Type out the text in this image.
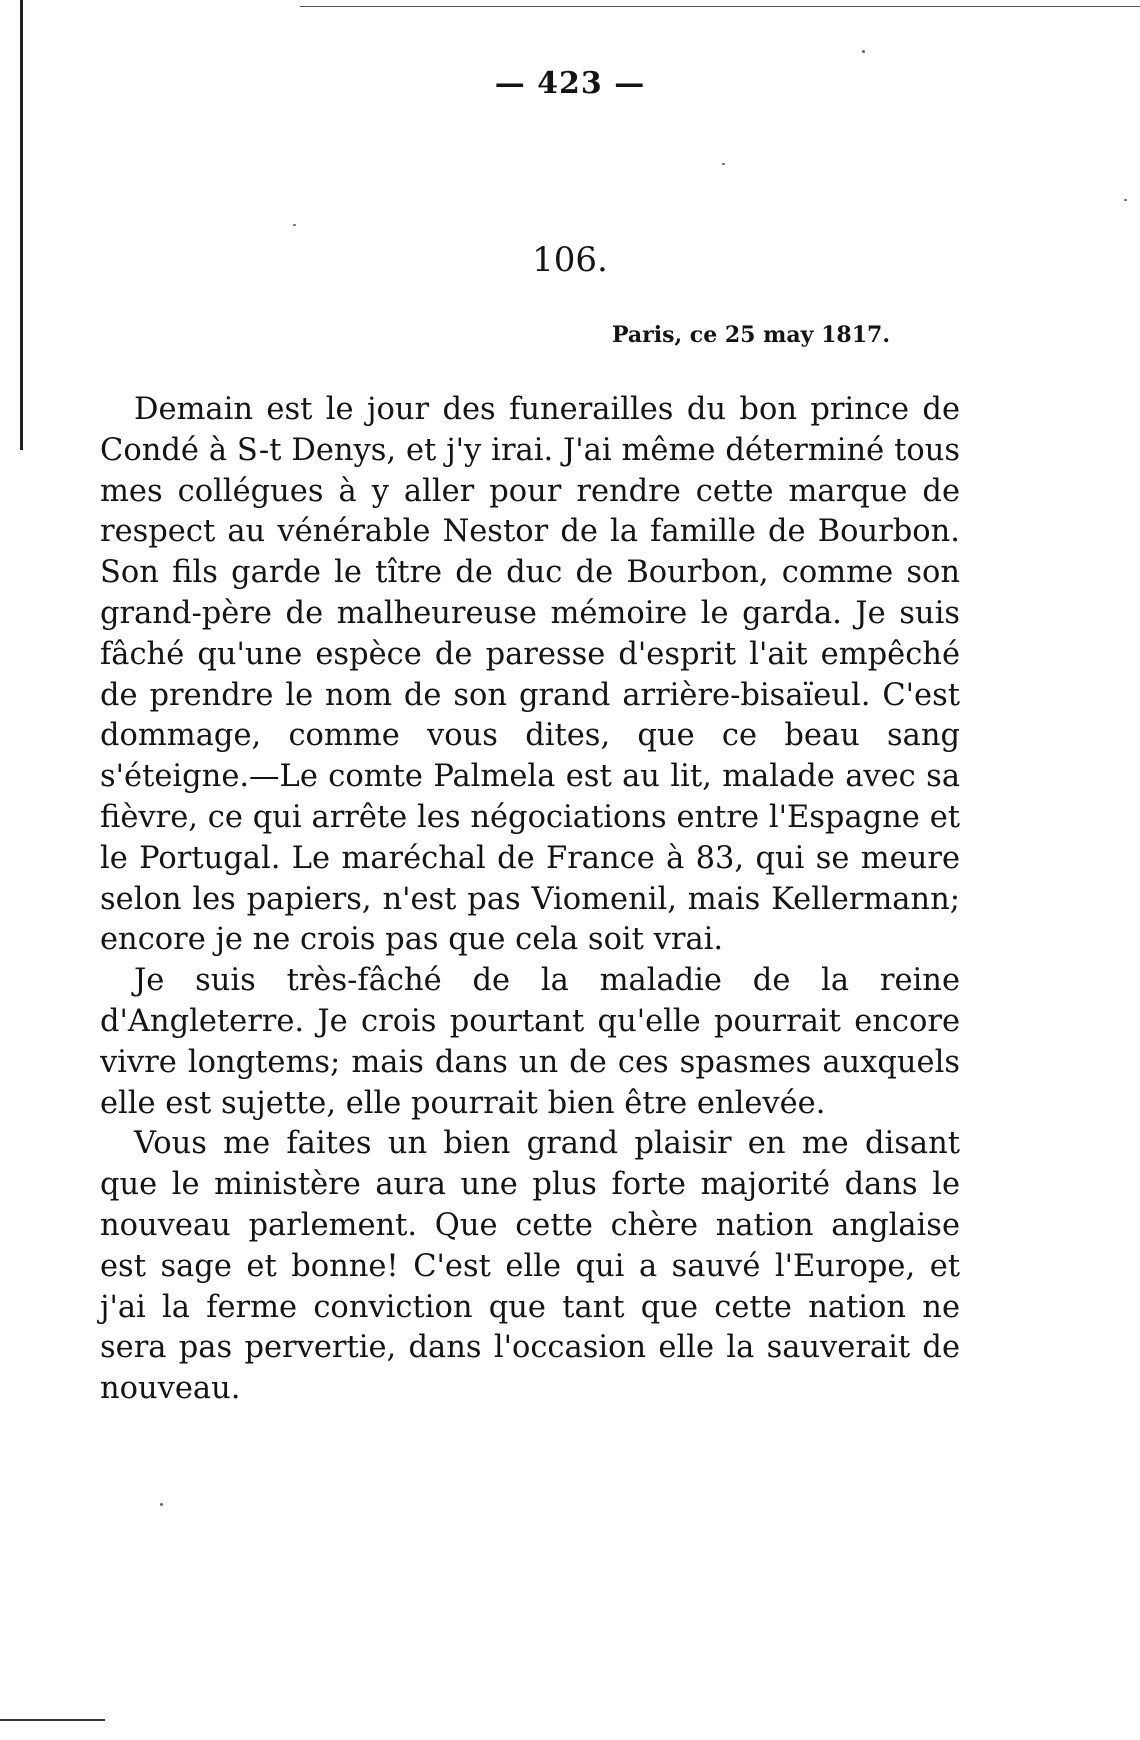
— 423 —
106.
Paris, ce 25 may 1817.

Demain est le jour des funerailles du bon prince de Condé à S-t Denys, et j'y irai. J'ai même déterminé tous mes collégues à y aller pour rendre cette marque de respect au vénérable Nestor de la famille de Bourbon. Son fils garde le tître de duc de Bourbon, comme son grand-père de malheureuse mémoire le garda. Je suis fâché qu'une espèce de paresse d'esprit l'ait empêché de prendre le nom de son grand arrière-bisaïeul. C'est dommage, comme vous dites, que ce beau sang s'éteigne.—Le comte Palmela est au lit, malade avec sa fièvre, ce qui arrête les négociations entre l'Espagne et le Portugal. Le maréchal de France à 83, qui se meure selon les papiers, n'est pas Viomenil, mais Kellermann; encore je ne crois pas que cela soit vrai.

Je suis très-fâché de la maladie de la reine d'Angleterre. Je crois pourtant qu'elle pourrait encore vivre longtems; mais dans un de ces spasmes auxquels elle est sujette, elle pourrait bien être enlevée.

Vous me faites un bien grand plaisir en me disant que le ministère aura une plus forte majorité dans le nouveau parlement. Que cette chère nation anglaise est sage et bonne! C'est elle qui a sauvé l'Europe, et j'ai la ferme conviction que tant que cette nation ne sera pas pervertie, dans l'occasion elle la sauverait de nouveau.
